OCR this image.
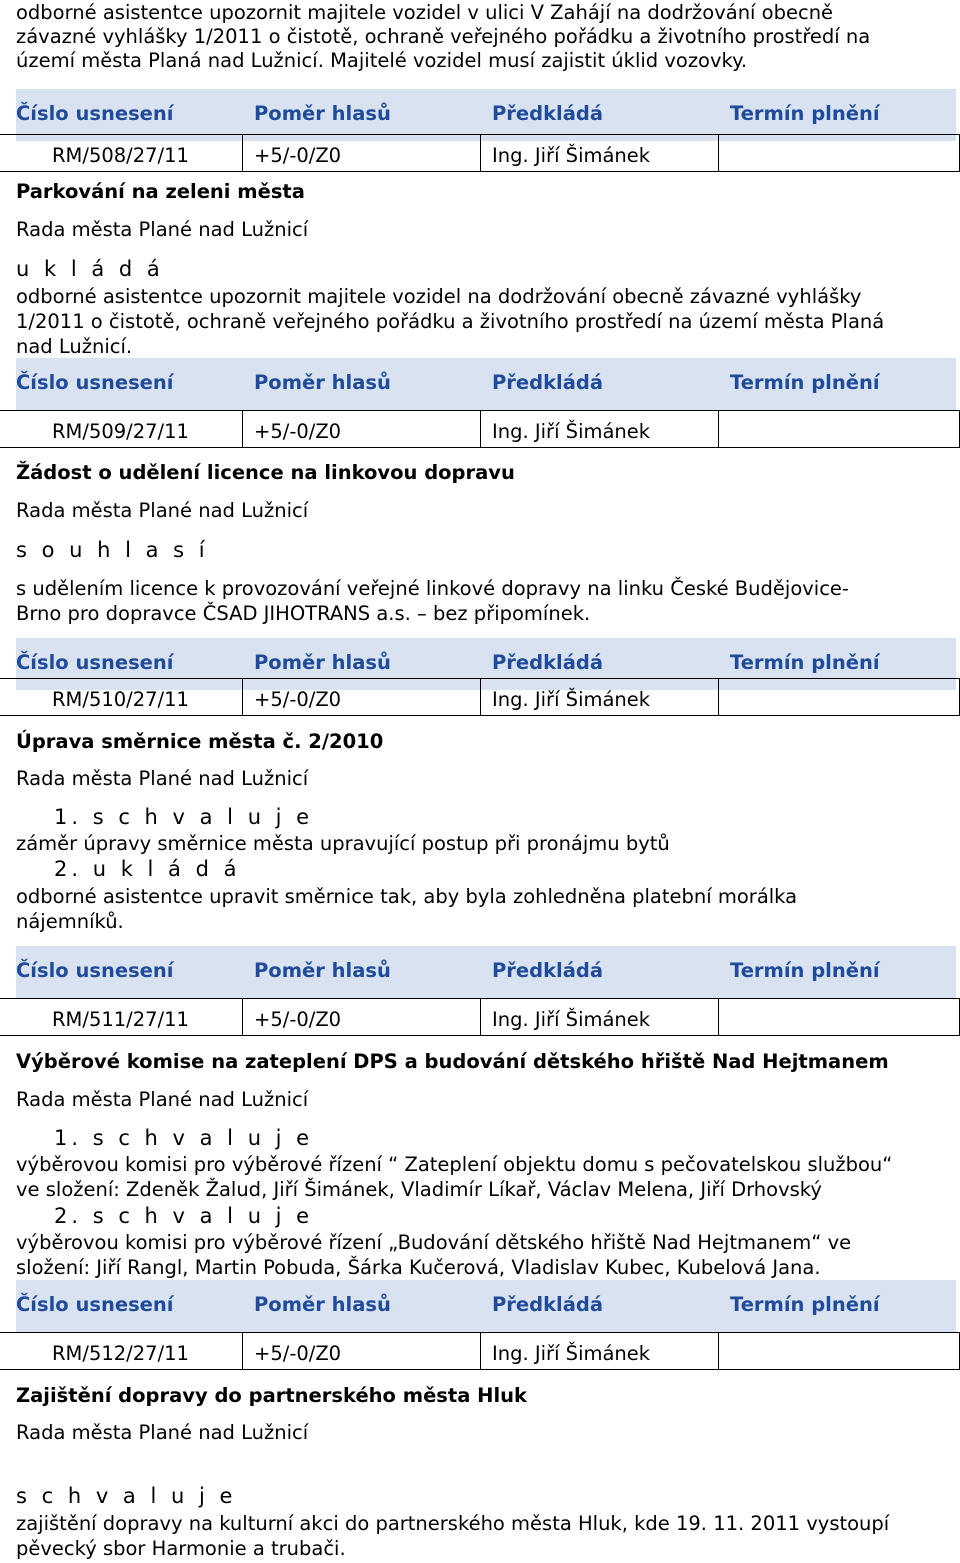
odborné asistentce upozornit majitele vozidel v ulici V Zahájí na dodržování obecně
závazné vyhlášky 1/2011 o čistotě, ochraně veřejného pořádku a životního prostředí na
území města Planá nad Lužnicí. Majitelé vozidel musí zajistit úklid vozovky.
Číslo usnesení	Poměr hlasů	Předkládá	Termín plnění
RM/508/27/11	+5/-0/Z0	Ing. Jiří Šimánek
Parkování na zeleni města
Rada města Plané nad Lužnicí
u k l á d á
odborné asistentce upozornit majitele vozidel na dodržování obecně závazné vyhlášky
1/2011 o čistotě, ochraně veřejného pořádku a životního prostředí na území města Planá
nad Lužnicí.
Číslo usnesení	Poměr hlasů	Předkládá	Termín plnění
RM/509/27/11	+5/-0/Z0	Ing. Jiří Šimánek
Žádost o udělení licence na linkovou dopravu
Rada města Plané nad Lužnicí
s o u h l a s í
s udělením licence k provozování veřejné linkové dopravy na linku České Budějovice-
Brno pro dopravce ČSAD JIHOTRANS a.s. – bez připomínek.
Číslo usnesení	Poměr hlasů	Předkládá	Termín plnění
RM/510/27/11	+5/-0/Z0	Ing. Jiří Šimánek
Úprava směrnice města č. 2/2010
Rada města Plané nad Lužnicí
1. s c h v a l u j e
záměr úpravy směrnice města upravující postup při pronájmu bytů
2. u k l á d á
odborné asistentce upravit směrnice tak, aby byla zohledněna platební morálka
nájemníků.
Číslo usnesení	Poměr hlasů	Předkládá	Termín plnění
RM/511/27/11	+5/-0/Z0	Ing. Jiří Šimánek
Výběrové komise na zateplení DPS a budování dětského hřiště Nad Hejtmanem
Rada města Plané nad Lužnicí
1. s c h v a l u j e
výběrovou komisi pro výběrové řízení “ Zateplení objektu domu s pečovatelskou službou“
ve složení: Zdeněk Žalud, Jiří Šimánek, Vladimír Líkař, Václav Melena, Jiří Drhovský
2. s c h v a l u j e
výběrovou komisi pro výběrové řízení „Budování dětského hřiště Nad Hejtmanem“ ve
složení: Jiří Rangl, Martin Pobuda, Šárka Kučerová, Vladislav Kubec, Kubelová Jana.
Číslo usnesení	Poměr hlasů	Předkládá	Termín plnění
RM/512/27/11	+5/-0/Z0	Ing. Jiří Šimánek
Zajištění dopravy do partnerského města Hluk
Rada města Plané nad Lužnicí
s c h v a l u j e
zajištění dopravy na kulturní akci do partnerského města Hluk, kde 19. 11. 2011 vystoupí
pěvecký sbor Harmonie a trubači.
